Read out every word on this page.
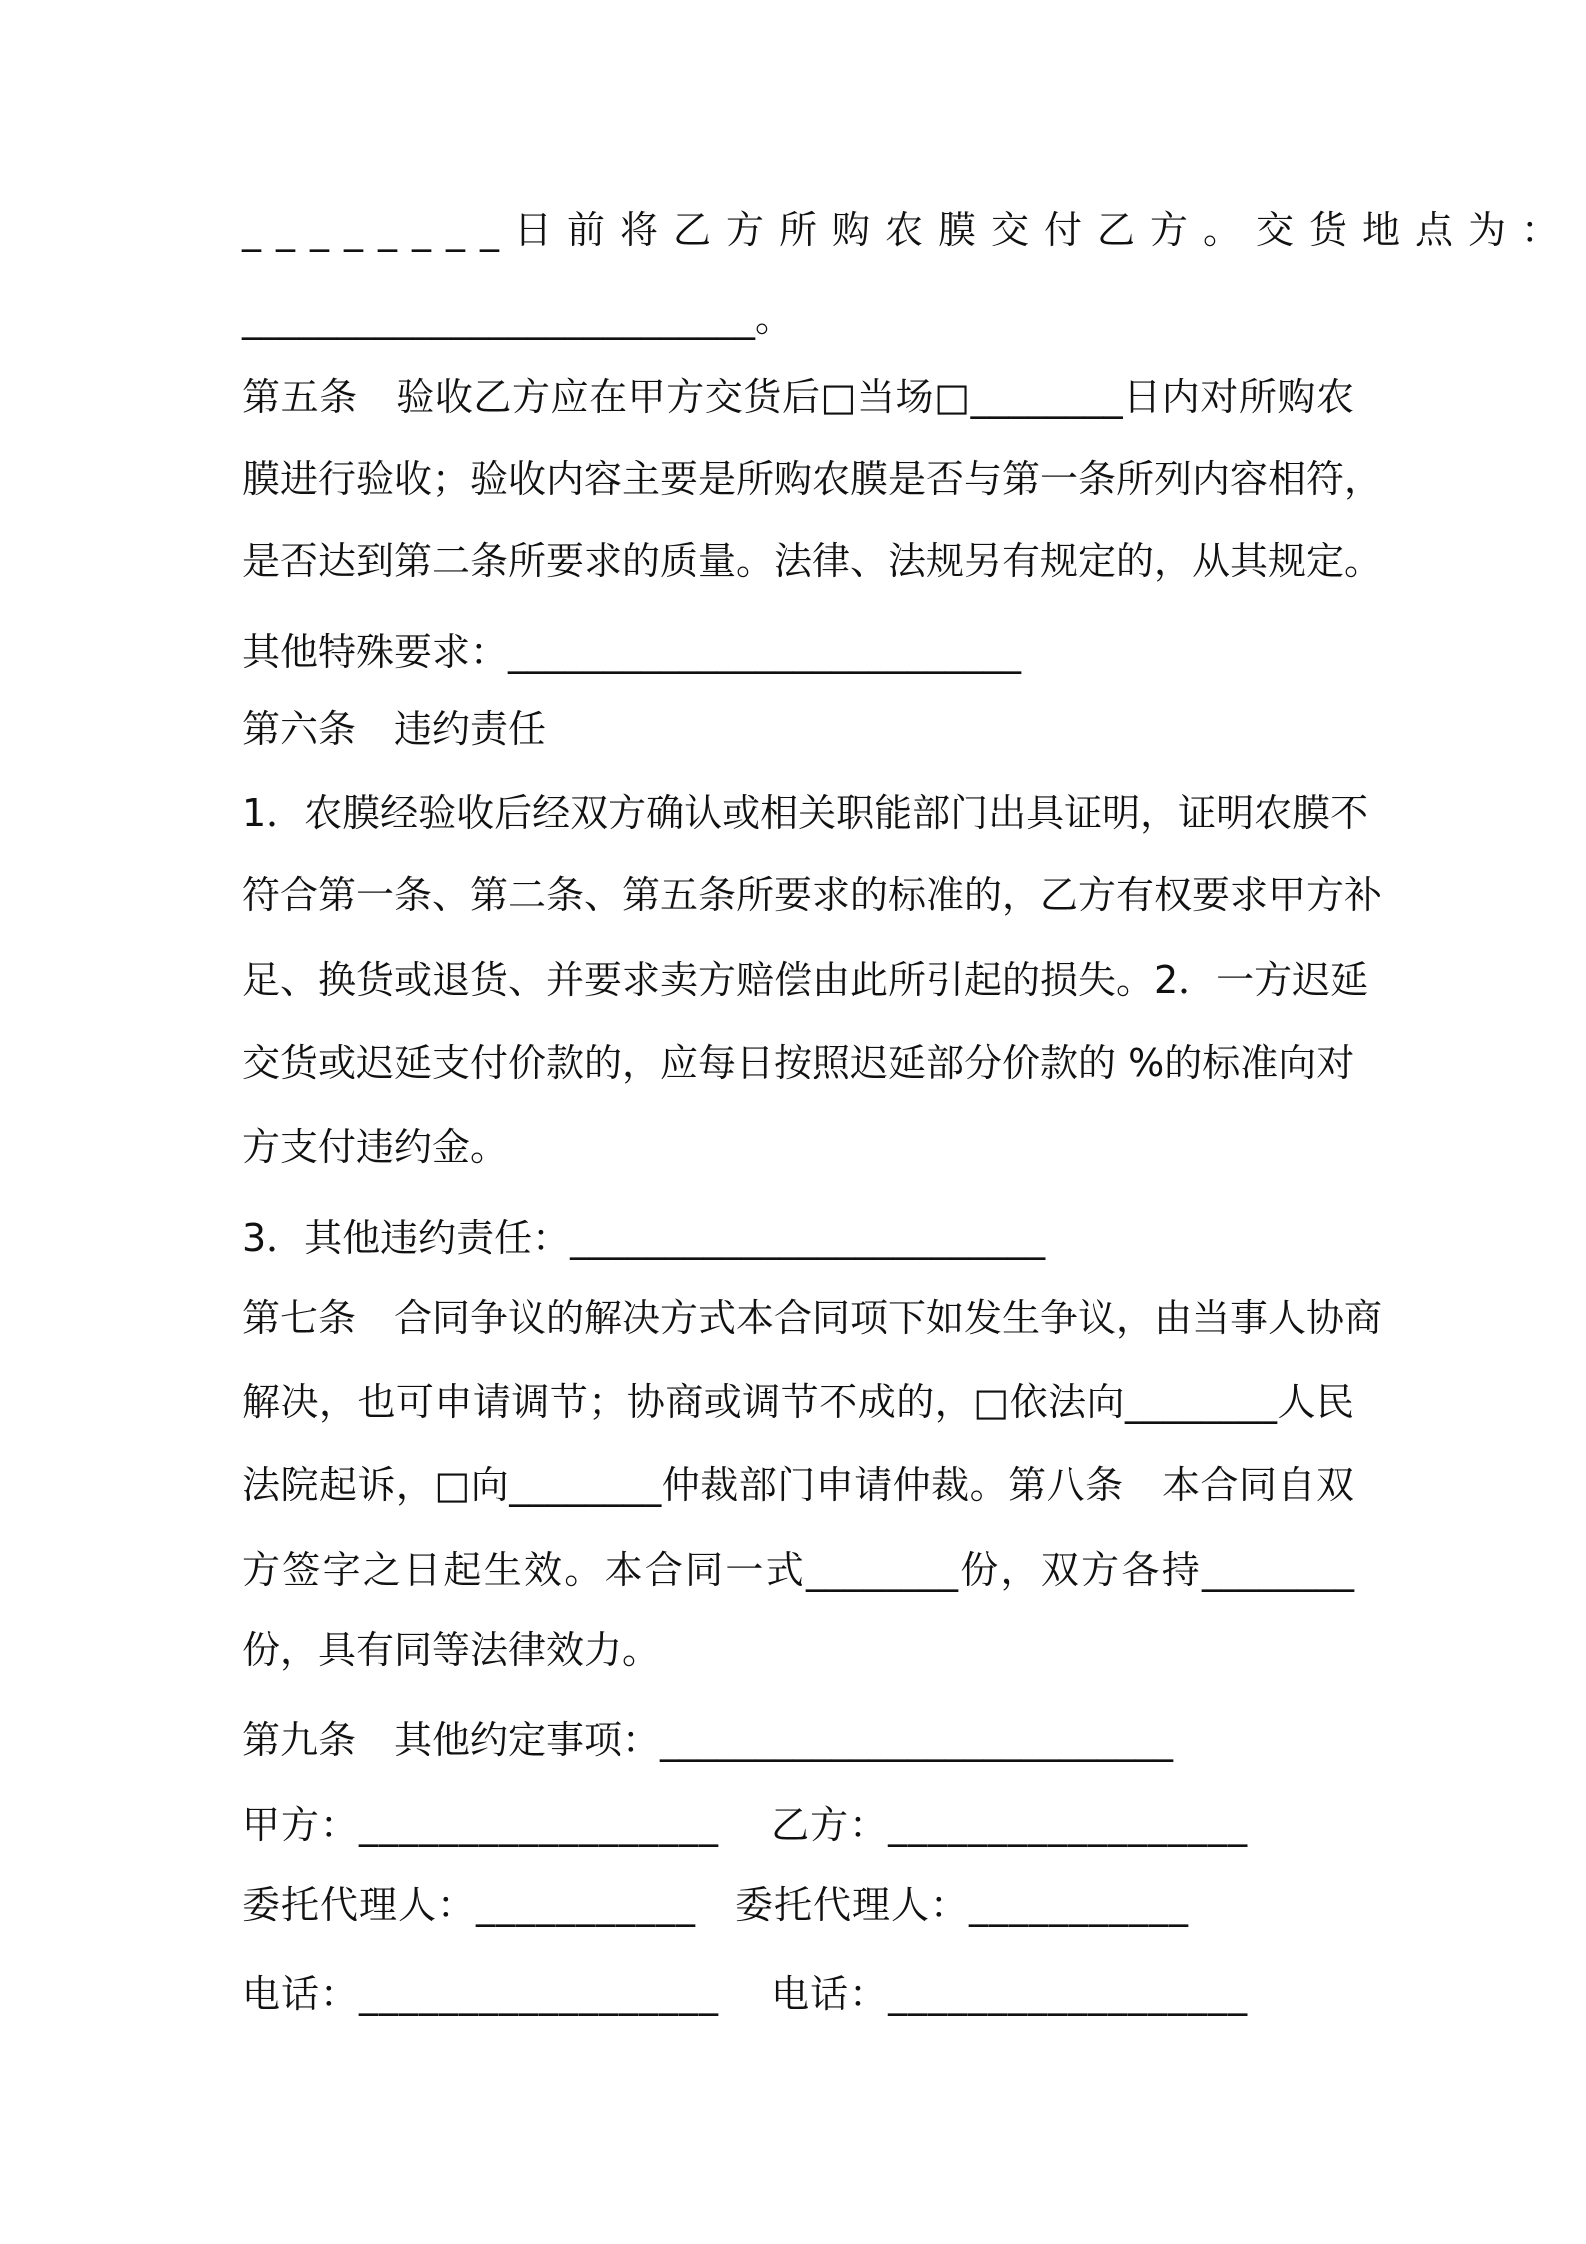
________日前将乙方所购农膜交付乙方。交货地点为：
___________________________。
第五条　验收乙方应在甲方交货后□当场□________日内对所购农
膜进行验收；验收内容主要是所购农膜是否与第一条所列内容相符，
是否达到第二条所要求的质量。法律、法规另有规定的，从其规定。
其他特殊要求：___________________________
第六条　违约责任
1．农膜经验收后经双方确认或相关职能部门出具证明，证明农膜不
符合第一条、第二条、第五条所要求的标准的，乙方有权要求甲方补
足、换货或退货、并要求卖方赔偿由此所引起的损失。2．一方迟延
交货或迟延支付价款的，应每日按照迟延部分价款的 %的标准向对
方支付违约金。
3．其他违约责任：_________________________
第七条　合同争议的解决方式本合同项下如发生争议，由当事人协商
解决，也可申请调节；协商或调节不成的，□依法向________人民
法院起诉，□向________仲裁部门申请仲裁。第八条　本合同自双
方签字之日起生效。本合同一式________份，双方各持________
份，具有同等法律效力。
第九条　其他约定事项：___________________________
甲方：__________________　 乙方：__________________
委托代理人：___________　委托代理人：___________
电话：__________________　 电话：__________________
